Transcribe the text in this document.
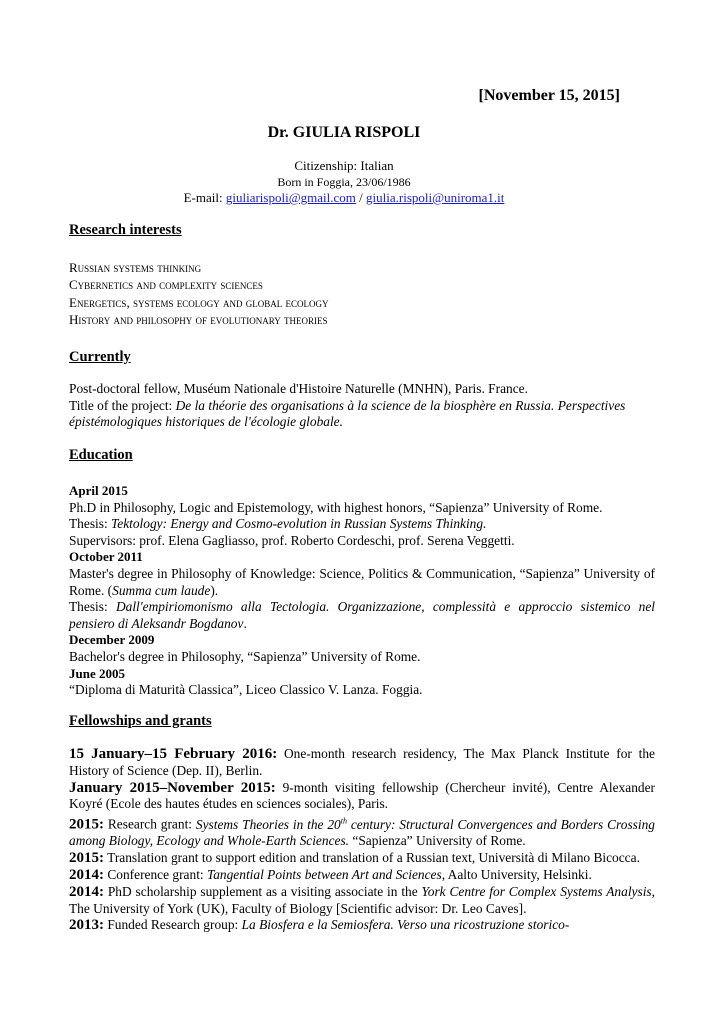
[November 15, 2015]
Dr. GIULIA RISPOLI
Citizenship: Italian
Born in Foggia, 23/06/1986
E-mail: giuliarispoli@gmail.com / giulia.rispoli@uniroma1.it
Research interests
Russian systems thinking
Cybernetics and complexity sciences
Energetics, systems ecology and global ecology
History and philosophy of evolutionary theories
Currently

Post-doctoral fellow, Muséum Nationale d'Histoire Naturelle (MNHN), Paris. France.

Title of the project: De la théorie des organisations à la science de la biosphère en Russia. Perspectives épistémologiques historiques de l'écologie globale.

Education

April 2015

Ph.D in Philosophy, Logic and Epistemology, with highest honors, “Sapienza” University of Rome.

Thesis: Tektology: Energy and Cosmo-evolution in Russian Systems Thinking.

Supervisors: prof. Elena Gagliasso, prof. Roberto Cordeschi, prof. Serena Veggetti.

October 2011

Master's degree in Philosophy of Knowledge: Science, Politics & Communication, “Sapienza” University of Rome. (Summa cum laude).

Thesis: Dall'empiriomonismo alla Tectologia. Organizzazione, complessità e approccio sistemico nel pensiero di Aleksandr Bogdanov.

December 2009

Bachelor's degree in Philosophy, “Sapienza” University of Rome.

June 2005

“Diploma di Maturità Classica”, Liceo Classico V. Lanza. Foggia.

Fellowships and grants

15 January–15 February 2016: One-month research residency, The Max Planck Institute for the History of Science (Dep. II), Berlin.

January 2015–November 2015: 9-month visiting fellowship (Chercheur invité), Centre Alexander Koyré (Ecole des hautes études en sciences sociales), Paris.

2015: Research grant: Systems Theories in the 20th century: Structural Convergences and Borders Crossing among Biology, Ecology and Whole-Earth Sciences. “Sapienza” University of Rome.

2015: Translation grant to support edition and translation of a Russian text, Università di Milano Bicocca.

2014: Conference grant: Tangential Points between Art and Sciences, Aalto University, Helsinki.

2014: PhD scholarship supplement as a visiting associate in the York Centre for Complex Systems Analysis, The University of York (UK), Faculty of Biology [Scientific advisor: Dr. Leo Caves].

2013: Funded Research group: La Biosfera e la Semiosfera. Verso una ricostruzione storico-
